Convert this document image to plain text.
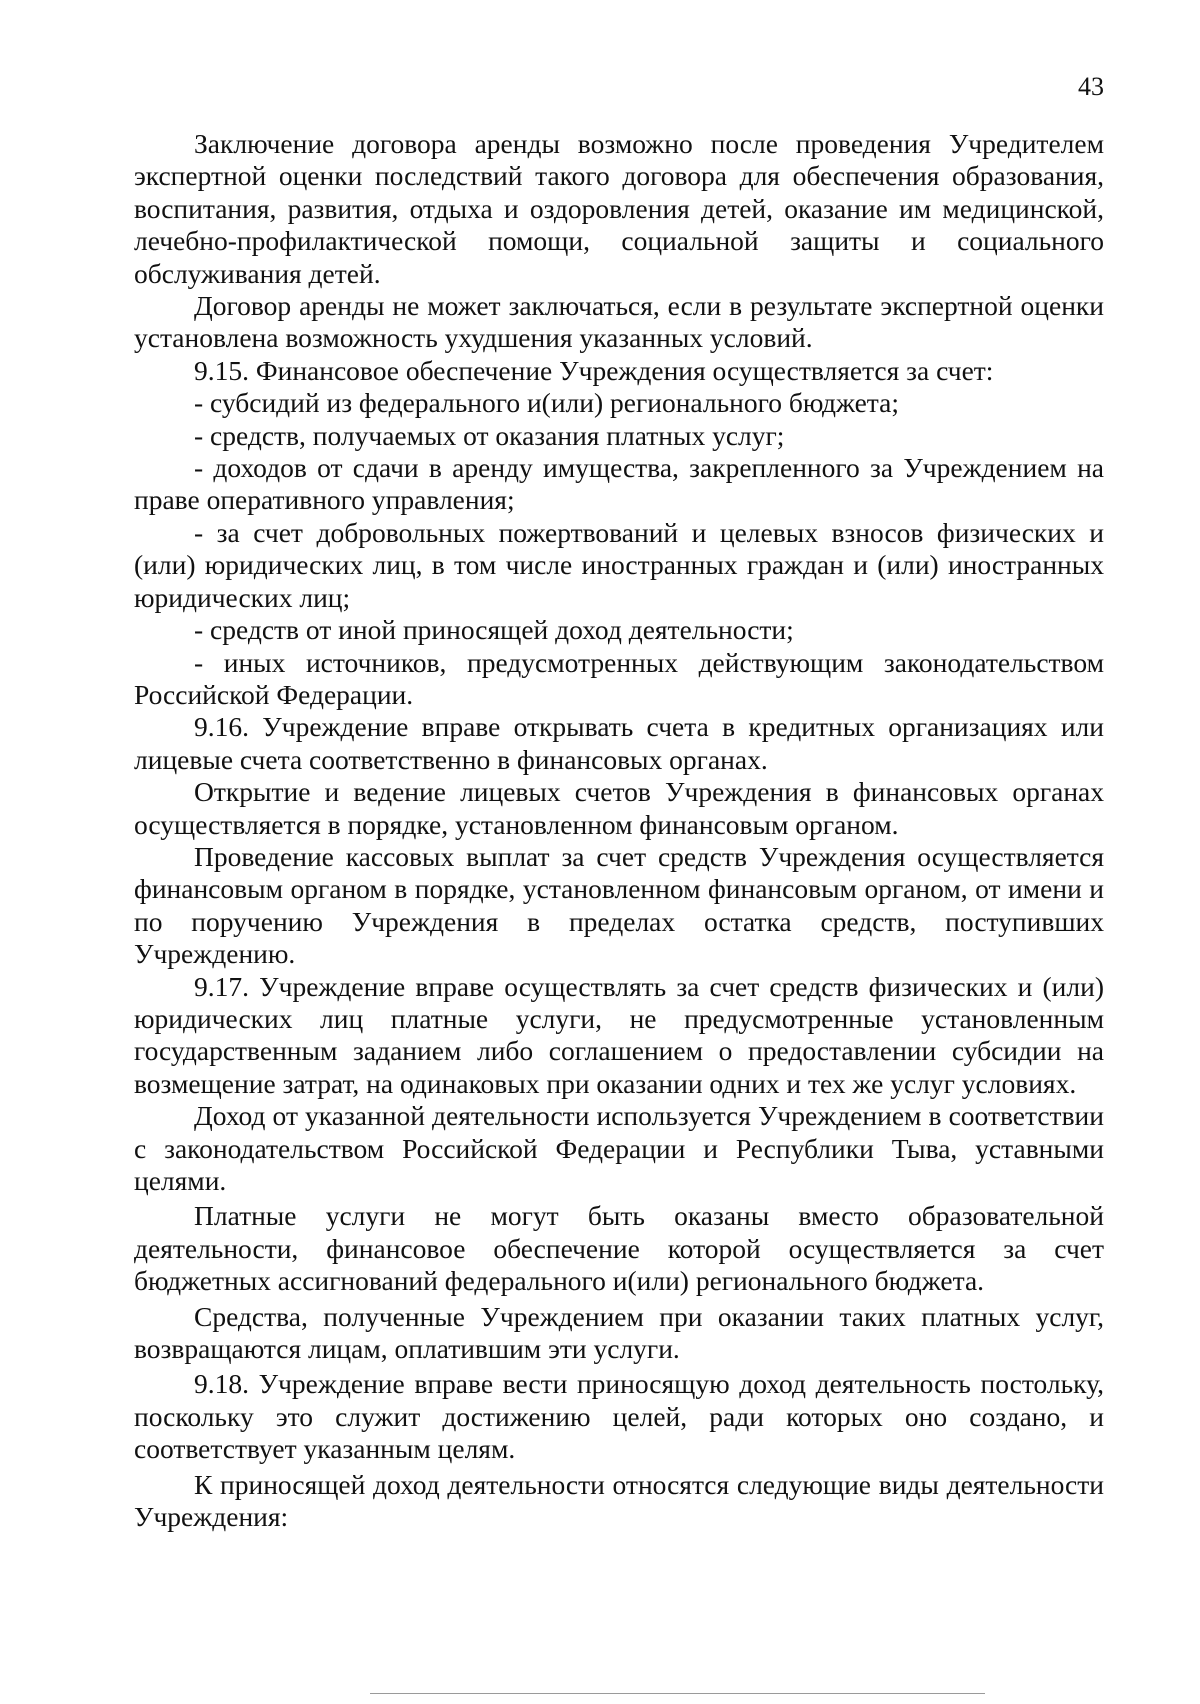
43

Заключение договора аренды возможно после проведения Учредителем экспертной оценки последствий такого договора для обеспечения образования, воспитания, развития, отдыха и оздоровления детей, оказание им медицинской, лечебно-профилактической помощи, социальной защиты и социального обслуживания детей.

Договор аренды не может заключаться, если в результате экспертной оценки установлена возможность ухудшения указанных условий.

9.15. Финансовое обеспечение Учреждения осуществляется за счет:

- субсидий из федерального и(или) регионального бюджета;

- средств, получаемых от оказания платных услуг;

- доходов от сдачи в аренду имущества, закрепленного за Учреждением на праве оперативного управления;

- за счет добровольных пожертвований и целевых взносов физических и (или) юридических лиц, в том числе иностранных граждан и (или) иностранных юридических лиц;

- средств от иной приносящей доход деятельности;

- иных источников, предусмотренных действующим законодательством Российской Федерации.

9.16. Учреждение вправе открывать счета в кредитных организациях или лицевые счета соответственно в финансовых органах.

Открытие и ведение лицевых счетов Учреждения в финансовых органах осуществляется в порядке, установленном финансовым органом.

Проведение кассовых выплат за счет средств Учреждения осуществляется финансовым органом в порядке, установленном финансовым органом, от имени и по поручению Учреждения в пределах остатка средств, поступивших Учреждению.

9.17. Учреждение вправе осуществлять за счет средств физических и (или) юридических лиц платные услуги, не предусмотренные установленным государственным заданием либо соглашением о предоставлении субсидии на возмещение затрат, на одинаковых при оказании одних и тех же услуг условиях.

Доход от указанной деятельности используется Учреждением в соответствии с законодательством Российской Федерации и Республики Тыва, уставными целями.

Платные услуги не могут быть оказаны вместо образовательной деятельности, финансовое обеспечение которой осуществляется за счет бюджетных ассигнований федерального и(или) регионального бюджета.

Средства, полученные Учреждением при оказании таких платных услуг, возвращаются лицам, оплатившим эти услуги.

9.18. Учреждение вправе вести приносящую доход деятельность постольку, поскольку это служит достижению целей, ради которых оно создано, и соответствует указанным целям.

К приносящей доход деятельности относятся следующие виды деятельности Учреждения:
